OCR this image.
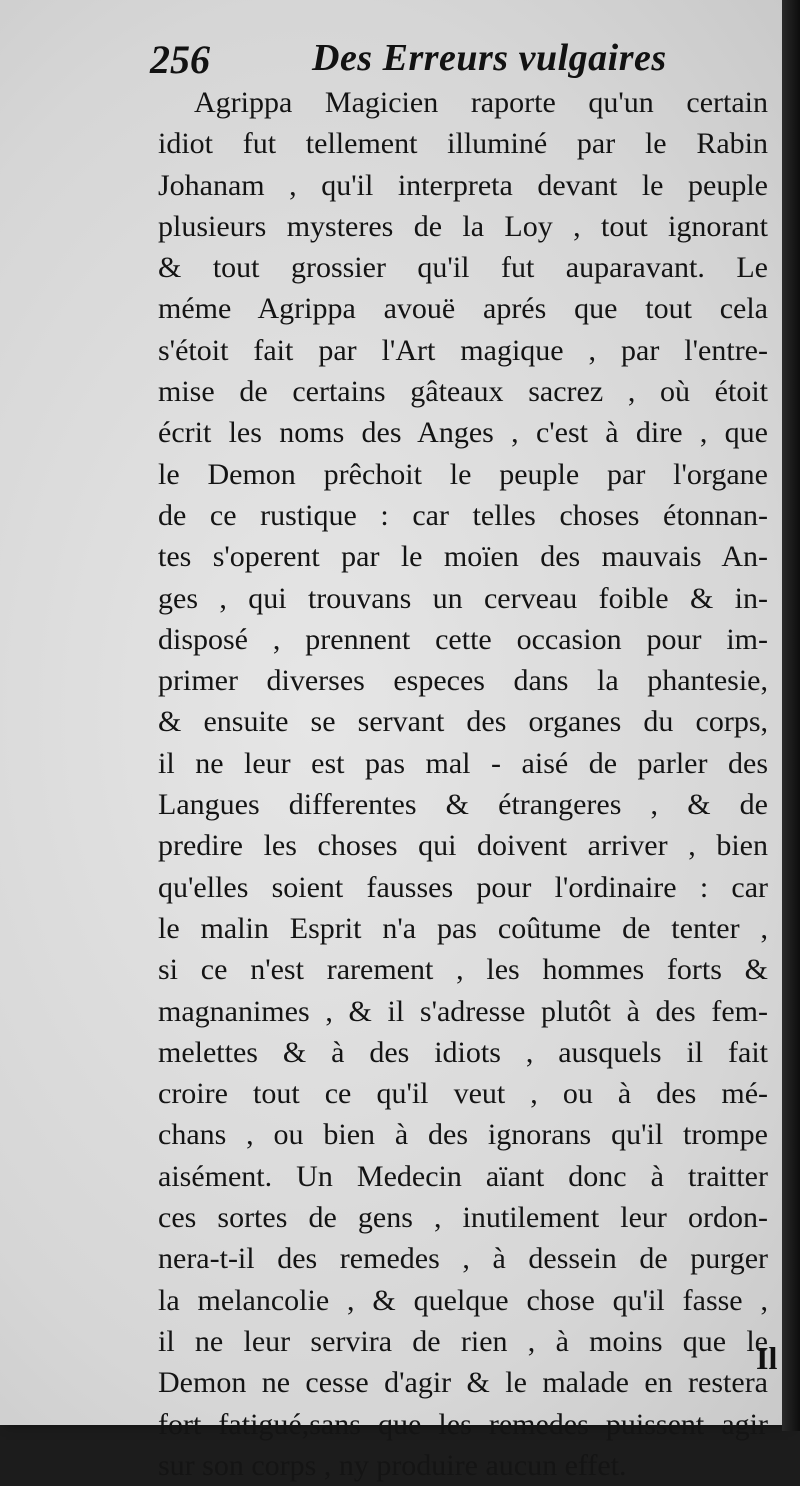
256	Des Erreurs vulgaires
Agrippa Magicien raporte qu'un certain
idiot fut tellement illuminé par le Rabin
Johanam , qu'il interpreta devant le peuple
plusieurs mysteres de la Loy , tout ignorant
& tout grossier qu'il fut auparavant. Le
méme Agrippa avouë aprés que tout cela
s'étoit fait par l'Art magique , par l'entre-
mise de certains gâteaux sacrez , où étoit
écrit les noms des Anges , c'est à dire , que
le Demon prêchoit le peuple par l'organe
de ce rustique : car telles choses étonnan-
tes s'operent par le moïen des mauvais An-
ges , qui trouvans un cerveau foible & in-
disposé , prennent cette occasion pour im-
primer diverses especes dans la phantesie,
& ensuite se servant des organes du corps,
il ne leur est pas mal - aisé de parler des
Langues differentes & étrangeres , & de
predire les choses qui doivent arriver , bien
qu'elles soient fausses pour l'ordinaire : car
le malin Esprit n'a pas coûtume de tenter ,
si ce n'est rarement , les hommes forts &
magnanimes , & il s'adresse plutôt à des fem-
melettes & à des idiots , ausquels il fait
croire tout ce qu'il veut , ou à des mé-
chans , ou bien à des ignorans qu'il trompe
aisément. Un Medecin aïant donc à traitter
ces sortes de gens , inutilement leur ordon-
nera-t-il des remedes , à dessein de purger
la melancolie , & quelque chose qu'il fasse ,
il ne leur servira de rien , à moins que le
Demon ne cesse d'agir & le malade en restera
fort fatigué,sans que les remedes puissent agir
sur son corps , ny produire aucun effet.
Il
